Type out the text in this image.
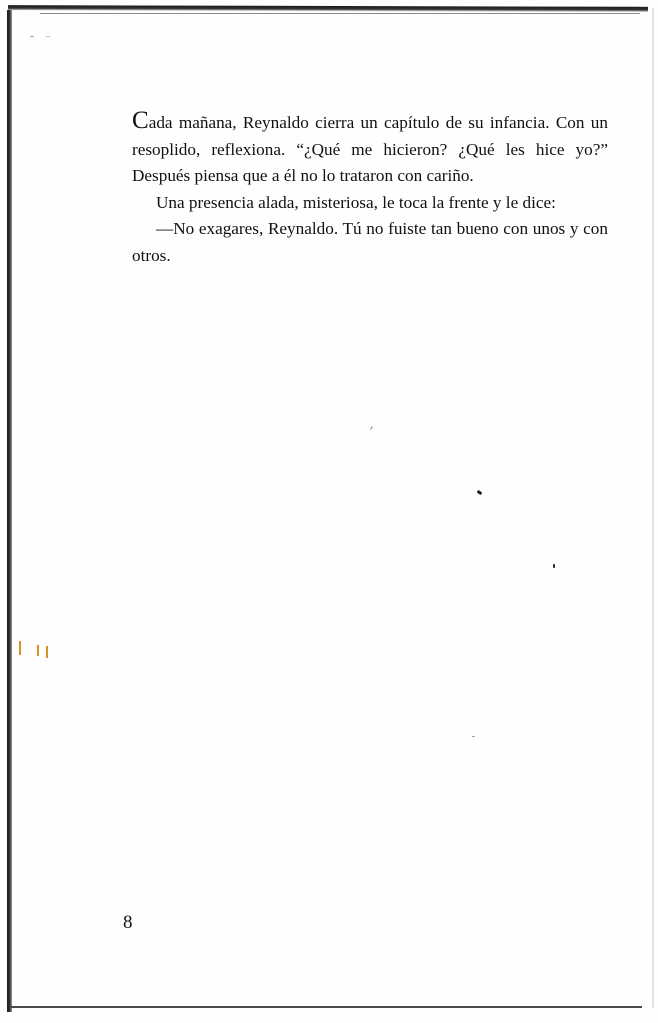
Cada mañana, Reynaldo cierra un capítulo de su infancia. Con un resoplido, reflexiona. “¿Qué me hicieron? ¿Qué les hice yo?” Después piensa que a él no lo trataron con cariño.

Una presencia alada, misteriosa, le toca la frente y le dice:

—No exagares, Reynaldo. Tú no fuiste tan bueno con unos y con otros.

8
